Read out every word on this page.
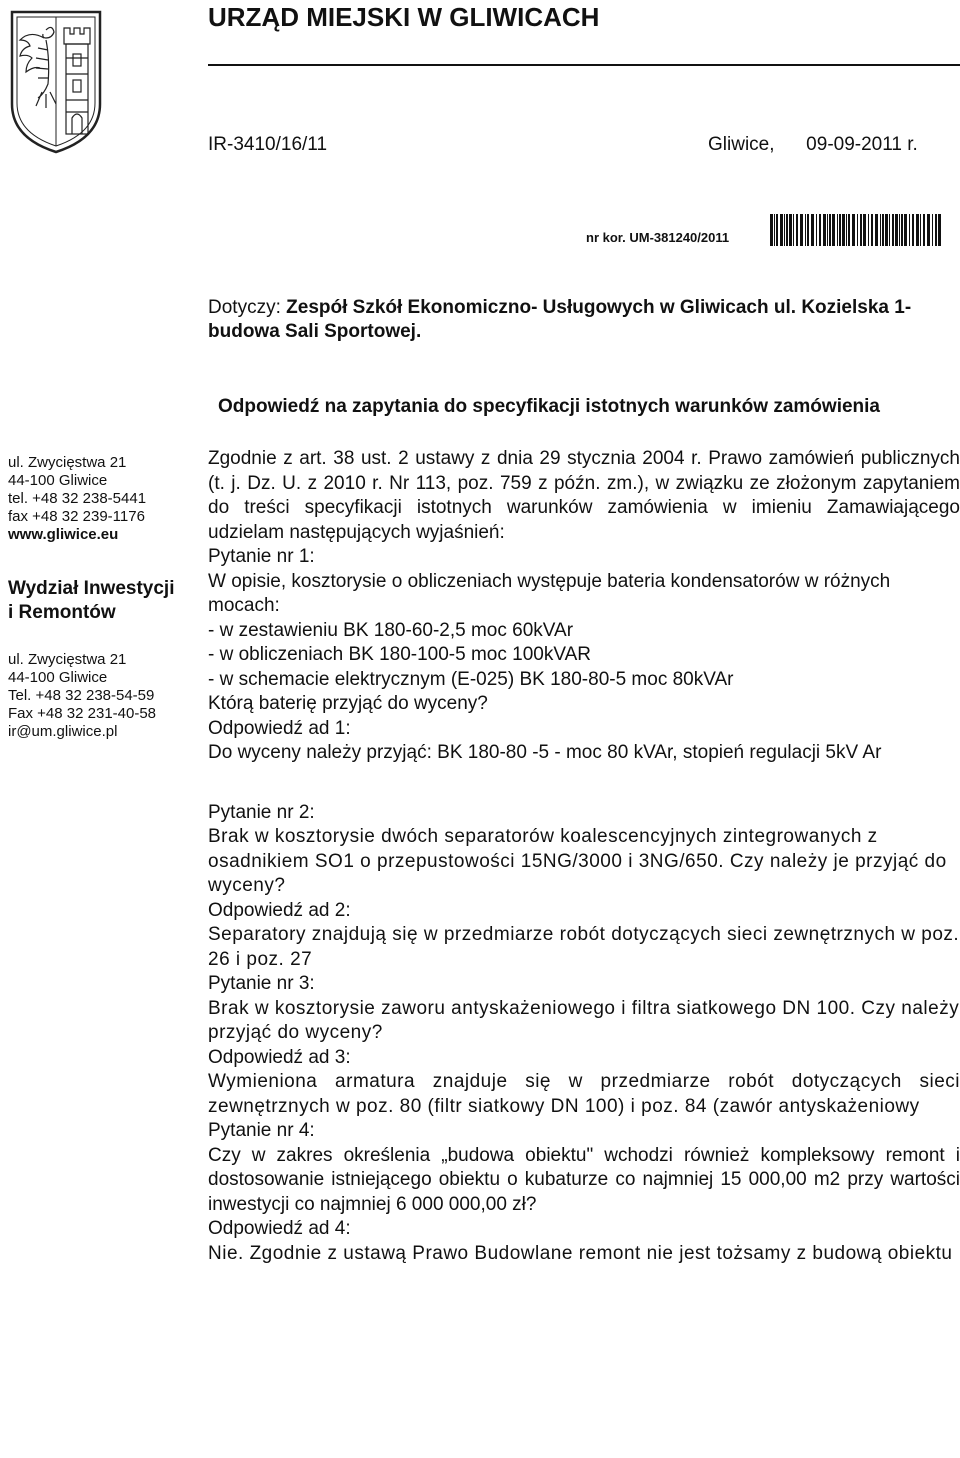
URZĄD MIEJSKI W GLIWICACH
IR-3410/16/11	Gliwice,      09-09-2011 r.
nr kor. UM-381240/2011
Dotyczy: Zespół Szkół Ekonomiczno- Usługowych w Gliwicach ul. Kozielska 1-budowa Sali Sportowej.
Odpowiedź na zapytania do specyfikacji istotnych warunków zamówienia
ul. Zwycięstwa 21
44-100 Gliwice
tel. +48 32 238-5441
fax +48 32 239-1176
www.gliwice.eu
Wydział Inwestycji
i Remontów
ul. Zwycięstwa 21
44-100 Gliwice
Tel. +48 32 238-54-59
Fax +48 32 231-40-58
ir@um.gliwice.pl

Zgodnie z art. 38 ust. 2 ustawy z dnia 29 stycznia 2004 r. Prawo zamówień publicznych (t. j. Dz. U. z 2010 r. Nr 113, poz. 759 z późn. zm.), w związku ze złożonym zapytaniem do treści specyfikacji istotnych warunków zamówienia w imieniu Zamawiającego udzielam następujących wyjaśnień:

Pytanie nr 1:

W opisie, kosztorysie o obliczeniach występuje bateria kondensatorów w różnych mocach:

- w zestawieniu BK 180-60-2,5 moc 60kVAr

- w obliczeniach BK 180-100-5 moc 100kVAR

- w schemacie elektrycznym (E-025) BK 180-80-5 moc 80kVAr

Którą baterię przyjąć do wyceny?

Odpowiedź ad 1:

Do wyceny należy przyjąć: BK 180-80 -5 - moc 80 kVAr, stopień regulacji 5kV Ar

Pytanie nr 2:

Brak w kosztorysie dwóch separatorów koalescencyjnych zintegrowanych z osadnikiem SO1 o przepustowości 15NG/3000 i 3NG/650. Czy należy je przyjąć do wyceny?

Odpowiedź ad 2:

Separatory znajdują się w przedmiarze robót dotyczących sieci zewnętrznych w poz. 26 i poz. 27

Pytanie nr 3:

Brak w kosztorysie zaworu antyskażeniowego i filtra siatkowego DN 100. Czy należy przyjąć do wyceny?

Odpowiedź ad 3:

Wymieniona armatura znajduje się w przedmiarze robót dotyczących sieci zewnętrznych w poz. 80 (filtr siatkowy DN 100) i poz. 84 (zawór antyskażeniowy

Pytanie nr 4:

Czy w zakres określenia „budowa obiektu" wchodzi również kompleksowy remont i dostosowanie istniejącego obiektu o kubaturze co najmniej 15 000,00 m2 przy wartości inwestycji co najmniej 6 000 000,00 zł?

Odpowiedź ad 4:

Nie. Zgodnie z ustawą Prawo Budowlane remont nie jest tożsamy z budową obiektu
